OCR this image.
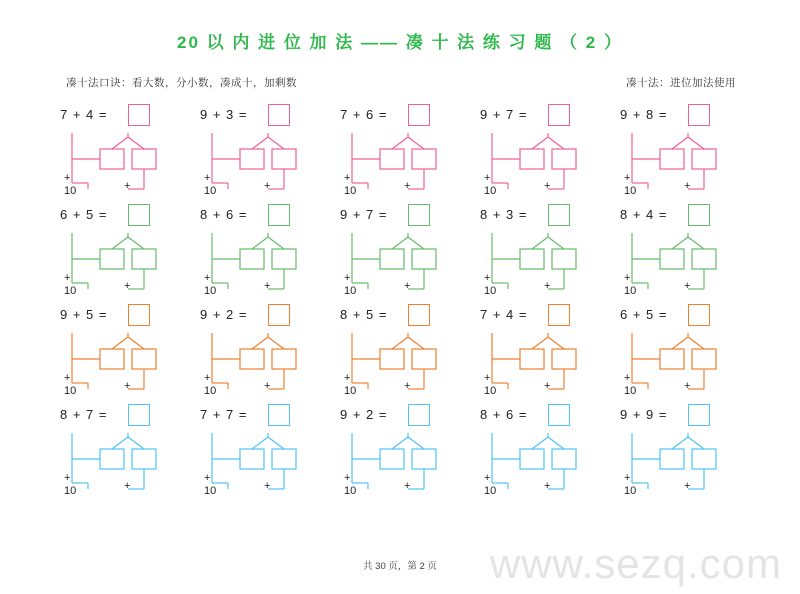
20 以 内 进 位 加 法 —— 凑 十 法 练 习 题 （ 2 ）
凑十法口诀：看大数，分小数，凑成十，加剩数	凑十法：进位加法使用
7 + 4 =
+
+
10
9 + 3 =
+
+
10
7 + 6 =
+
+
10
9 + 7 =
+
+
10
9 + 8 =
+
+
10
6 + 5 =
+
+
10
8 + 6 =
+
+
10
9 + 7 =
+
+
10
8 + 3 =
+
+
10
8 + 4 =
+
+
10
9 + 5 =
+
+
10
9 + 2 =
+
+
10
8 + 5 =
+
+
10
7 + 4 =
+
+
10
6 + 5 =
+
+
10
8 + 7 =
+
+
10
7 + 7 =
+
+
10
9 + 2 =
+
+
10
8 + 6 =
+
+
10
9 + 9 =
+
+
10
共 30 页，第 2 页	www.sezq.com
